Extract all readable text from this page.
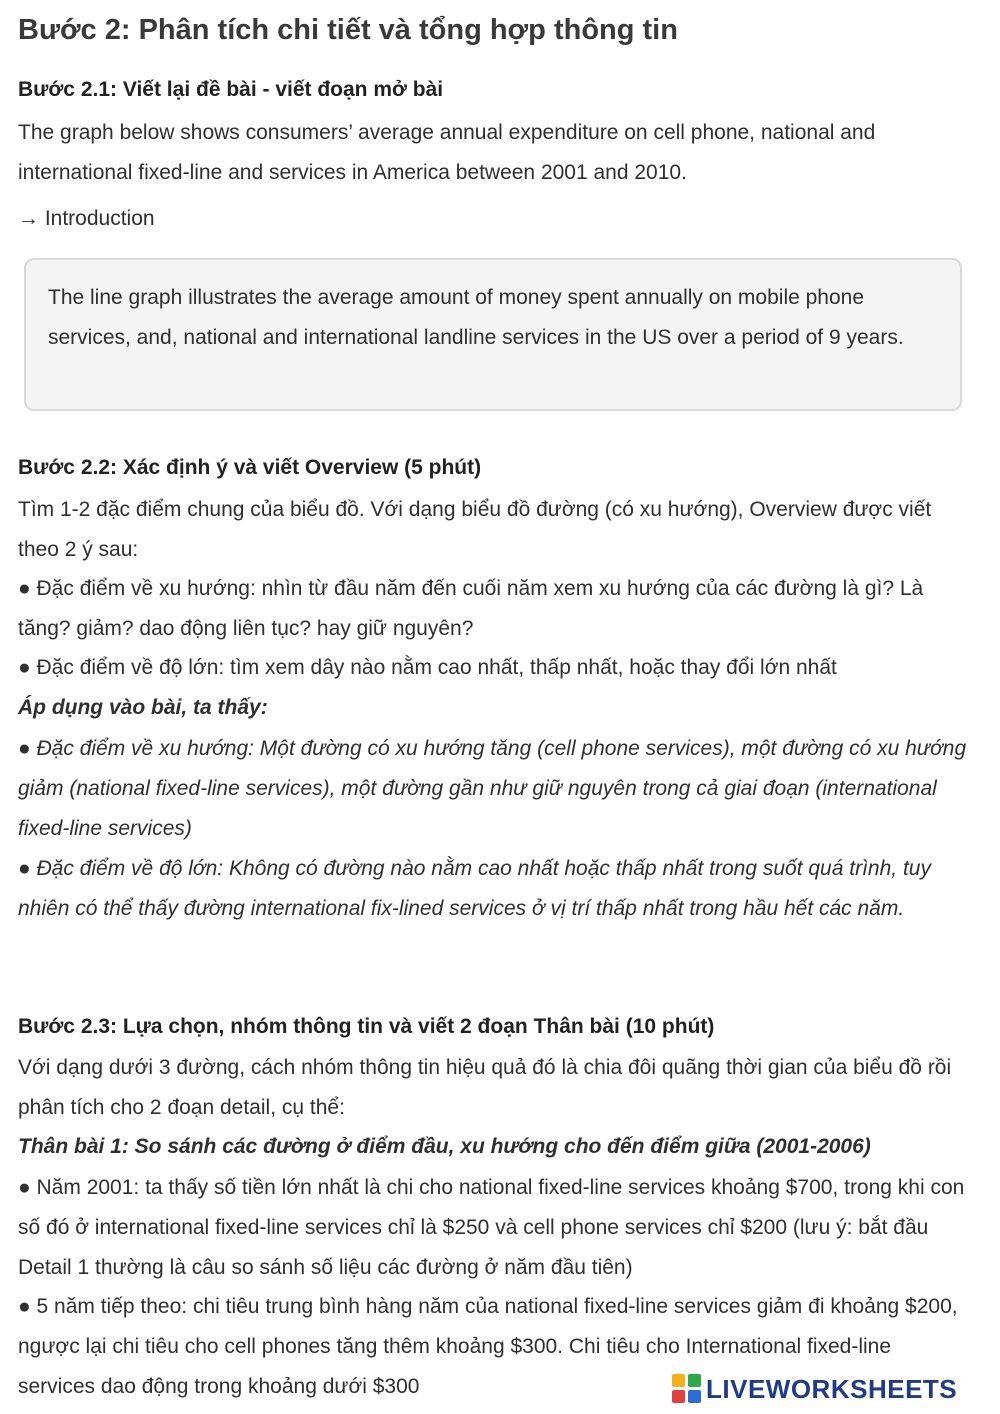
Bước 2: Phân tích chi tiết và tổng hợp thông tin
Bước 2.1: Viết lại đề bài - viết đoạn mở bài
The graph below shows consumers’ average annual expenditure on cell phone, national and international fixed-line and services in America between 2001 and 2010.
→ Introduction
The line graph illustrates the average amount of money spent annually on mobile phone services, and, national and international landline services in the US over a period of 9 years.
Bước 2.2: Xác định ý và viết Overview (5 phút)
Tìm 1-2 đặc điểm chung của biểu đồ. Với dạng biểu đồ đường (có xu hướng), Overview được viết theo 2 ý sau:
● Đặc điểm về xu hướng: nhìn từ đầu năm đến cuối năm xem xu hướng của các đường là gì? Là tăng? giảm? dao động liên tục? hay giữ nguyên?
● Đặc điểm về độ lớn: tìm xem dây nào nằm cao nhất, thấp nhất, hoặc thay đổi lớn nhất
Áp dụng vào bài, ta thấy:
● Đặc điểm về xu hướng: Một đường có xu hướng tăng (cell phone services), một đường có xu hướng giảm (national fixed-line services), một đường gần như giữ nguyên trong cả giai đoạn (international fixed-line services)
● Đặc điểm về độ lớn: Không có đường nào nằm cao nhất hoặc thấp nhất trong suốt quá trình, tuy nhiên có thể thấy đường international fix-lined services ở vị trí thấp nhất trong hầu hết các năm.
Bước 2.3: Lựa chọn, nhóm thông tin và viết 2 đoạn Thân bài (10 phút)
Với dạng dưới 3 đường, cách nhóm thông tin hiệu quả đó là chia đôi quãng thời gian của biểu đồ rồi phân tích cho 2 đoạn detail, cụ thể:
Thân bài 1: So sánh các đường ở điểm đầu, xu hướng cho đến điểm giữa (2001-2006)
● Năm 2001: ta thấy số tiền lớn nhất là chi cho national fixed-line services khoảng $700, trong khi con số đó ở international fixed-line services chỉ là $250 và cell phone services chỉ $200 (lưu ý: bắt đầu Detail 1 thường là câu so sánh số liệu các đường ở năm đầu tiên)
● 5 năm tiếp theo: chi tiêu trung bình hàng năm của national fixed-line services giảm đi khoảng $200, ngược lại chi tiêu cho cell phones tăng thêm khoảng $300. Chi tiêu cho International fixed-line services dao động trong khoảng dưới $300	LIVEWORKSHEETS
